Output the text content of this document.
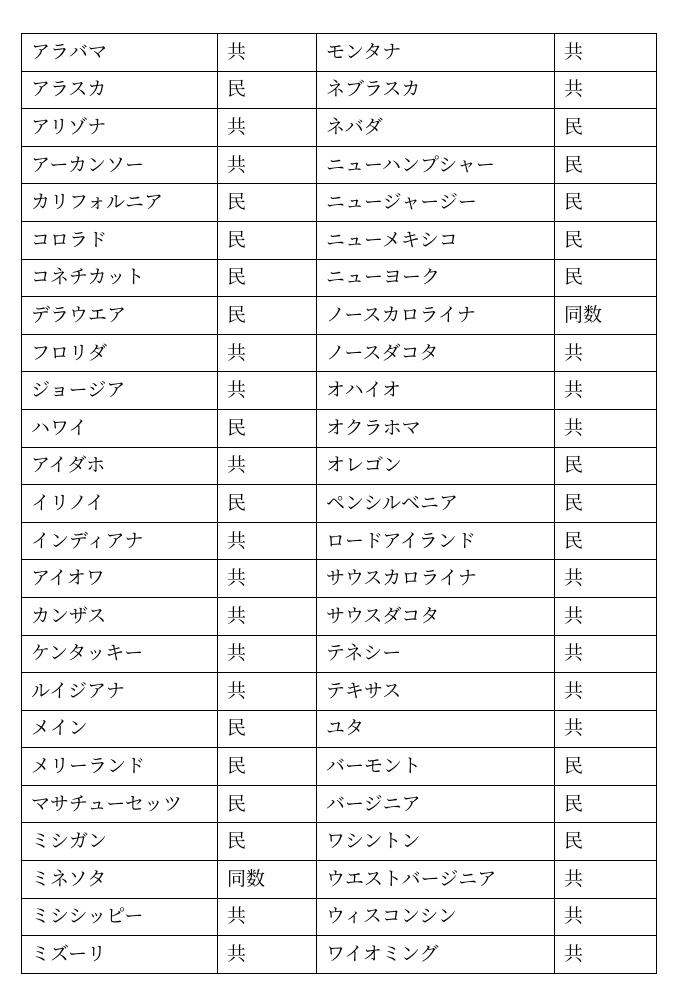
アラバマ	共	モンタナ	共
アラスカ	民	ネブラスカ	共
アリゾナ	共	ネバダ	民
アーカンソー	共	ニューハンプシャー	民
カリフォルニア	民	ニュージャージー	民
コロラド	民	ニューメキシコ	民
コネチカット	民	ニューヨーク	民
デラウエア	民	ノースカロライナ	同数
フロリダ	共	ノースダコタ	共
ジョージア	共	オハイオ	共
ハワイ	民	オクラホマ	共
アイダホ	共	オレゴン	民
イリノイ	民	ペンシルベニア	民
インディアナ	共	ロードアイランド	民
アイオワ	共	サウスカロライナ	共
カンザス	共	サウスダコタ	共
ケンタッキー	共	テネシー	共
ルイジアナ	共	テキサス	共
メイン	民	ユタ	共
メリーランド	民	バーモント	民
マサチューセッツ	民	バージニア	民
ミシガン	民	ワシントン	民
ミネソタ	同数	ウエストバージニア	共
ミシシッピー	共	ウィスコンシン	共
ミズーリ	共	ワイオミング	共
